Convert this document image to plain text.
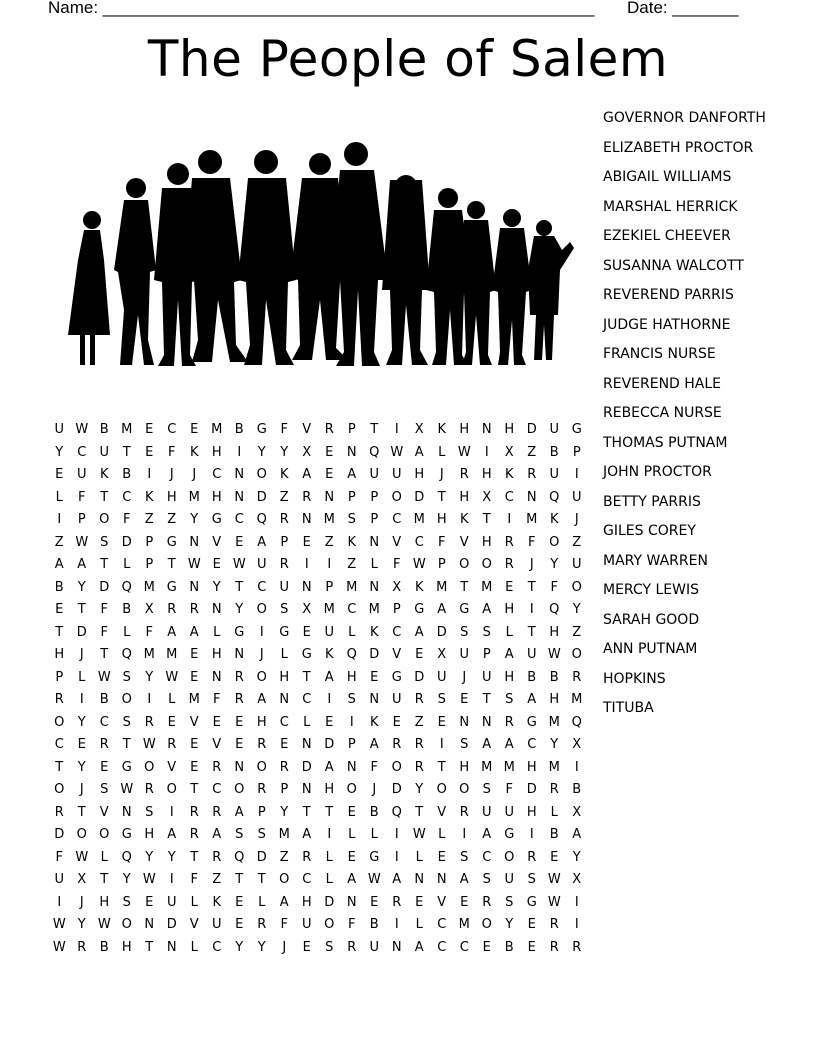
Name: ____________________________________________________ Date: _______
The People of Salem
U W B M E	C	E M B	G	F	V	R	P	T	I	X	K	H N H D U G
Y	C	U	T	E	F	K	H	I	Y	Y	X	E	N Q W A	L W	I	X	Z	B	P
E	U	K	B	I	J	J	C	N O	K	A	E	A	U U H	J	R	H	K	R	U	I
L	F	T	C	K	H M H N D	Z	R	N	P	P	O D	T	H	X	C	N Q U
I	P	O	F	Z	Z	Y	G C Q R	N M S	P	C M H	K	T	I	M K	J
Z W S	D	P	G N	V	E	A	P	E	Z	K	N	V	C	F	V	H	R	F	O Z
A	A	T	L	P	T W E W U	R	I	I	Z	L	F W P	O O R	J	Y	U
B	Y	D Q M G N	Y	T	C	U N	P M N	X	K M T M E	T	F	O
E	T	F	B	X	R	R	N	Y	O	S	X M C M P	G	A	G	A	H	I	Q	Y
T	D	F	L	F	A	A	L	G	I	G	E	U	L	K	C	A	D	S	S	L	T	H	Z
H	J	T	Q M M E	H N	J	L	G	K	Q D	V	E	X	U	P	A	U W O
P	L W S	Y W E	N	R O H	T	A	H	E	G D U	J	U H	B	B	R
R	I	B O	I	L	M	F	R	A	N	C	I	S	N U	R	S	E	T	S	A	H M
O	Y	C	S	R	E	V	E	E	H	C	L	E	I	K	E	Z	E	N N	R G M Q
C	E	R	T W R	E	V	E	R	E	N D	P	A	R	R	I	S	A	A	C	Y	X
T	Y	E	G O V	E	R	N O R D	A	N	F	O R	T	H M M H M	I
O	J	S W R O	T	C O R	P	N H O	J	D	Y	O O	S	F	D R	B
R	T	V	N	S	I	R	R	A	P	Y	T	T	E	B Q	T	V	R	U U H	L	X
D O O G H	A	R	A	S	S M A	I	L	L	I	W L	I	A	G	I	B	A
F W L	Q	Y	Y	T	R Q D	Z	R	L	E	G	I	L	E	S	C O R	E	Y
U	X	T	Y W	I	F	Z	T	T	O C	L	A W A	N N	A	S	U	S W X
I	J	H	S	E	U	L	K	E	L	A	H D N	E	R	E	V	E	R	S	G W	I
W Y W O N D	V	U	E	R	F	U O	F	B	I	L	C M O	Y	E	R	I
W R	B	H	T	N	L	C	Y	Y	J	E	S	R	U N	A	C	C	E	B	E	R	R
GOVERNOR DANFORTH
ELIZABETH PROCTOR
ABIGAIL WILLIAMS
MARSHAL HERRICK
EZEKIEL CHEEVER
SUSANNA WALCOTT
REVEREND PARRIS
JUDGE HATHORNE
FRANCIS NURSE
REVEREND HALE
REBECCA NURSE
THOMAS PUTNAM
JOHN PROCTOR
BETTY PARRIS
GILES COREY
MARY WARREN
MERCY LEWIS
SARAH GOOD
ANN PUTNAM
HOPKINS
TITUBA
